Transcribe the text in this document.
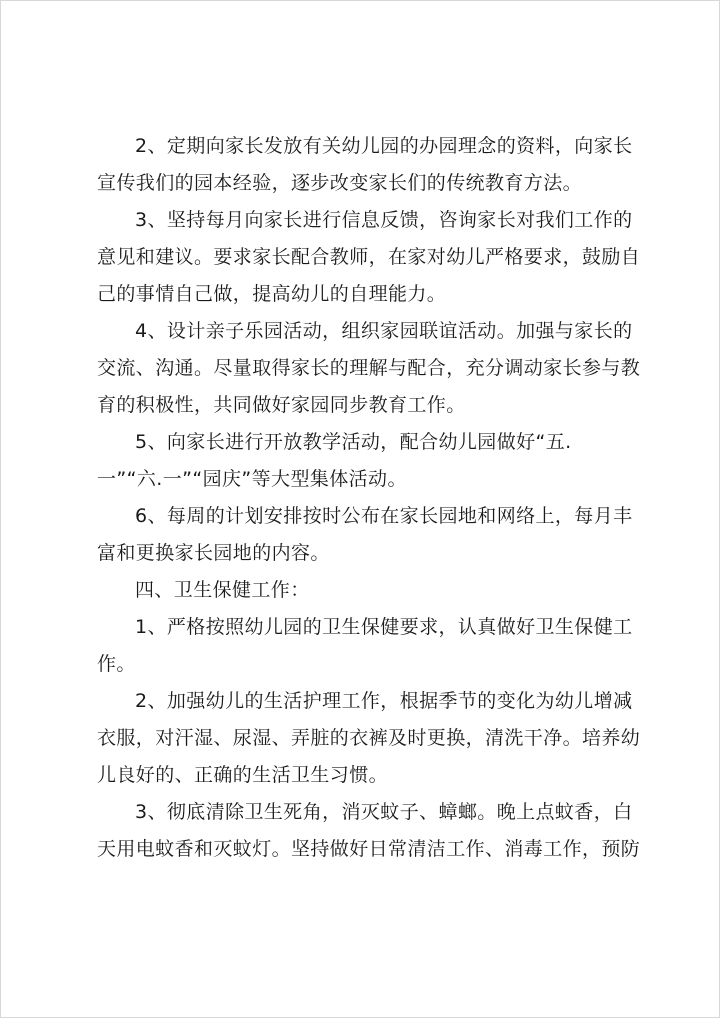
2、定期向家长发放有关幼儿园的办园理念的资料，向家长
宣传我们的园本经验，逐步改变家长们的传统教育方法。
3、坚持每月向家长进行信息反馈，咨询家长对我们工作的
意见和建议。要求家长配合教师，在家对幼儿严格要求，鼓励自
己的事情自己做，提高幼儿的自理能力。
4、设计亲子乐园活动，组织家园联谊活动。加强与家长的
交流、沟通。尽量取得家长的理解与配合，充分调动家长参与教
育的积极性，共同做好家园同步教育工作。
5、向家长进行开放教学活动，配合幼儿园做好“五.
一”“六.一”“园庆”等大型集体活动。
6、每周的计划安排按时公布在家长园地和网络上，每月丰
富和更换家长园地的内容。
四、卫生保健工作：
1、严格按照幼儿园的卫生保健要求，认真做好卫生保健工
作。
2、加强幼儿的生活护理工作，根据季节的变化为幼儿增减
衣服，对汗湿、尿湿、弄脏的衣裤及时更换，清洗干净。培养幼
儿良好的、正确的生活卫生习惯。
3、彻底清除卫生死角，消灭蚊子、蟑螂。晚上点蚊香，白
天用电蚊香和灭蚊灯。坚持做好日常清洁工作、消毒工作，预防
